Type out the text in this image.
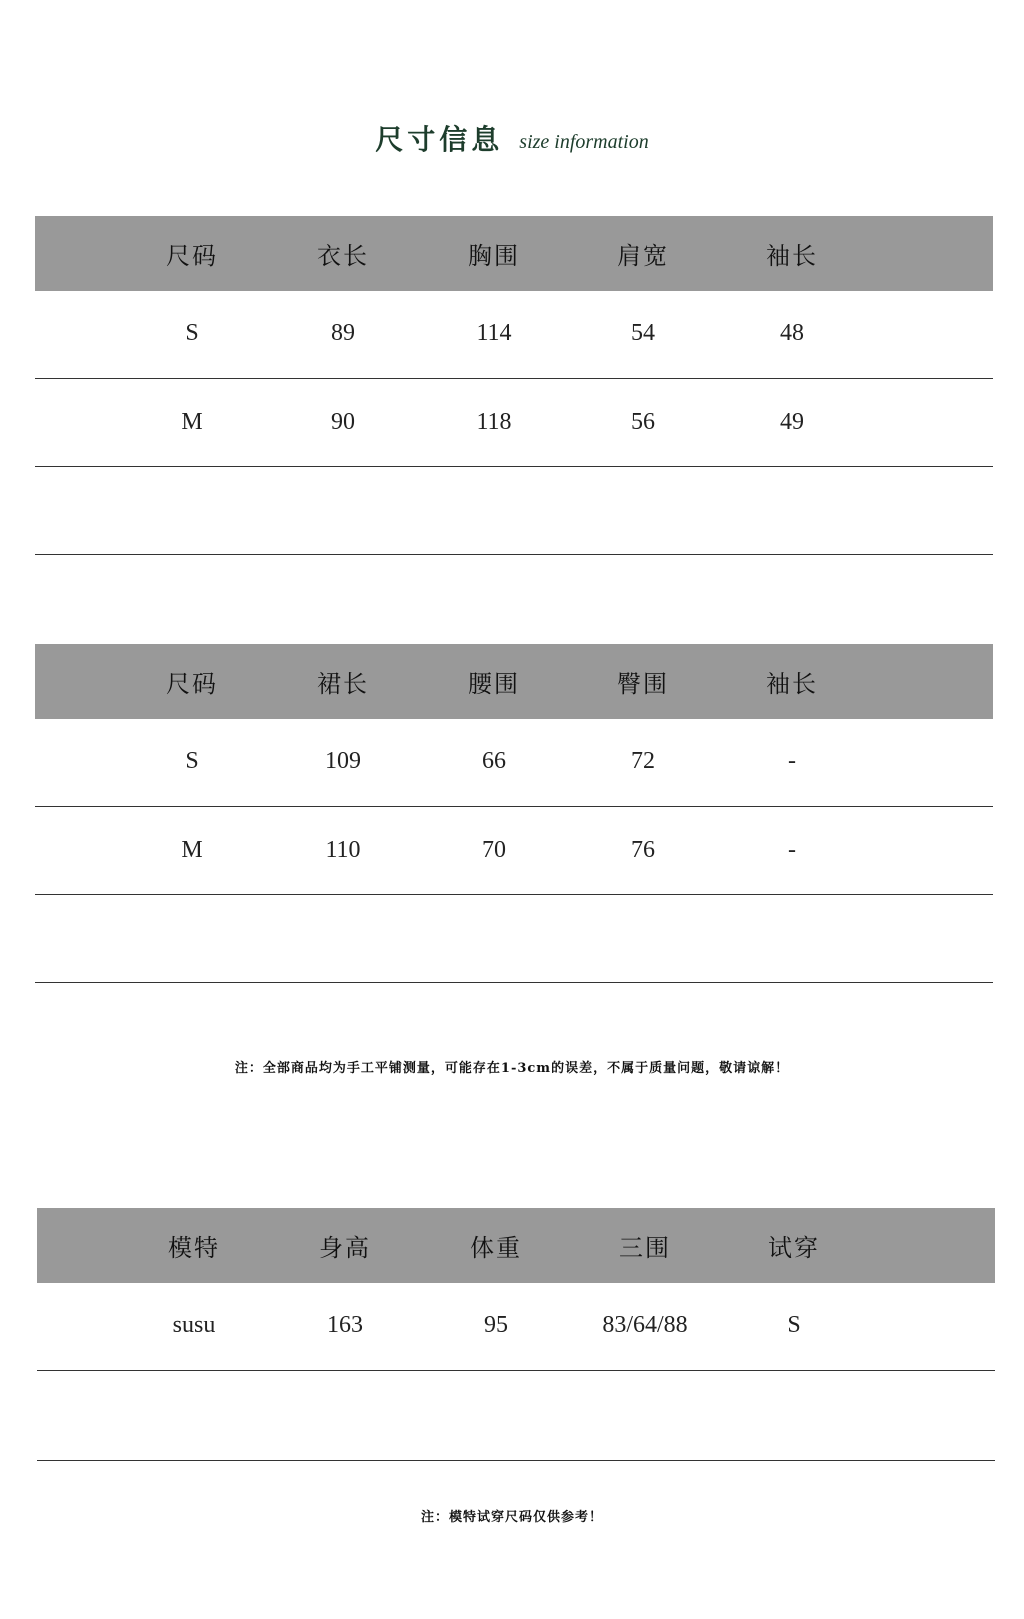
尺寸信息 size information
尺码	衣长	胸围	肩宽	袖长
S	89	114	54	48
M	90	118	56	49
尺码	裙长	腰围	臀围	袖长
S	109	66	72	-
M	110	70	76	-
注：全部商品均为手工平铺测量，可能存在1-3cm的误差，不属于质量问题，敬请谅解！
模特	身高	体重	三围	试穿
susu	163	95	83/64/88	S
注：模特试穿尺码仅供参考！
